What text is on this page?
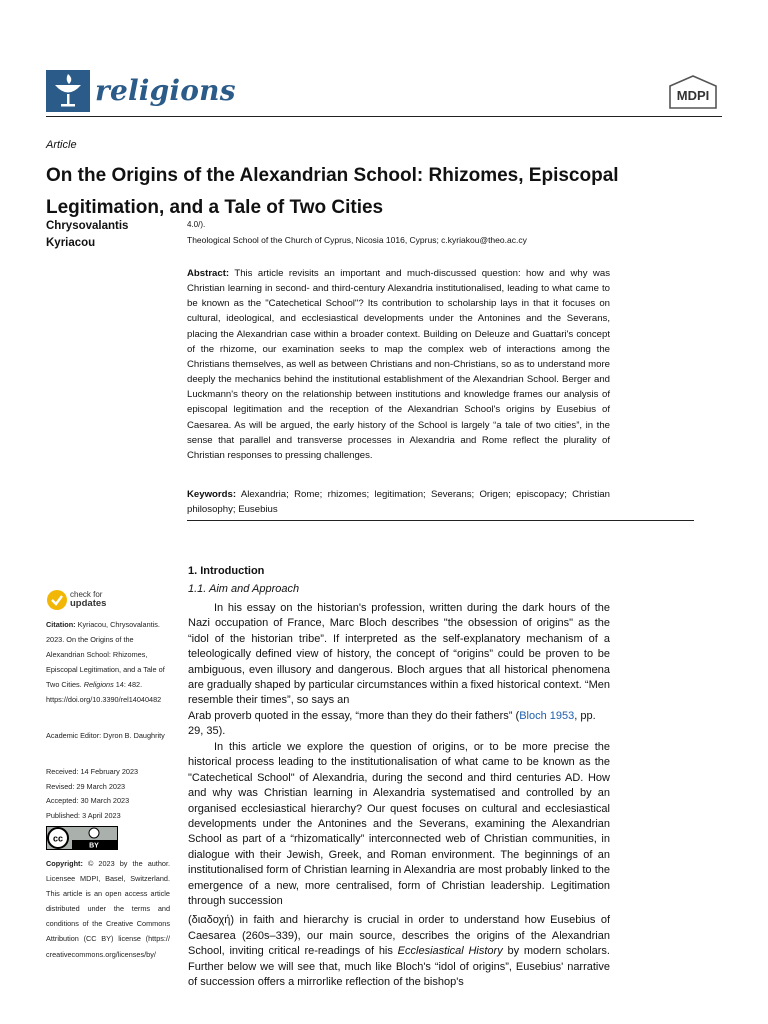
religions	MDPI
Article
On the Origins of the Alexandrian School: Rhizomes, Episcopal Legitimation, and a Tale of Two Cities
Chrysovalantis
Kyriacou
4.0/).
Theological School of the Church of Cyprus, Nicosia 1016, Cyprus; c.kyriakou@theo.ac.cy

Abstract: This article revisits an important and much-discussed question: how and why was Christian learning in second- and third-century Alexandria institutionalised, leading to what came to be known as the "Catechetical School"? Its contribution to scholarship lays in that it focuses on cultural, ideological, and ecclesiastical developments under the Antonines and the Severans, placing the Alexandrian case within a broader context. Building on Deleuze and Guattari's concept of the rhizome, our examination seeks to map the complex web of interactions among the Christians themselves, as well as between Christians and non-Christians, so as to understand more deeply the mechanics behind the institutional establishment of the Alexandrian School. Berger and Luckmann's theory on the relationship between institutions and knowledge frames our analysis of episcopal legitimation and the reception of the Alexandrian School's origins by Eusebius of Caesarea. As will be argued, the early history of the School is largely “a tale of two cities”, in the sense that parallel and transverse processes in Alexandria and Rome reflect the plurality of Christian responses to pressing challenges.

Keywords: Alexandria; Rome; rhizomes; legitimation; Severans; Origen; episcopacy; Christian philosophy; Eusebius

check for
updates
Citation: Kyriacou, Chrysovalantis. 2023. On the Origins of the Alexandrian School: Rhizomes, Episcopal Legitimation, and a Tale of Two Cities. Religions 14: 482. https://doi.org/10.3390/rel14040482
Academic Editor: Dyron B. Daughrity
Received: 14 February 2023
Revised: 29 March 2023
Accepted: 30 March 2023
Published: 3 April 2023
cc
BY
Copyright: © 2023 by the author. Licensee MDPI, Basel, Switzerland. This article is an open access article distributed under the terms and conditions of the Creative Commons Attribution (CC BY) license (https:// creativecommons.org/licenses/by/
1. Introduction
1.1. Aim and Approach
In his essay on the historian's profession, written during the dark hours of the Nazi occupation of France, Marc Bloch describes "the obsession of origins" as the “idol of the historian tribe”. If interpreted as the self-explanatory mechanism of a teleologically defined view of history, the concept of “origins” could be proven to be ambiguous, even illusory and dangerous. Bloch argues that all historical phenomena are gradually shaped by particular circumstances within a fixed historical context. “Men resemble their times”, so says an
Arab proverb quoted in the essay, “more than they do their fathers” (Bloch 1953, pp. 29, 35).
In this article we explore the question of origins, or to be more precise the historical process leading to the institutionalisation of what came to be known as the "Catechetical School" of Alexandria, during the second and third centuries AD. How and why was Christian learning in Alexandria systematised and controlled by an organised ecclesiastical hierarchy? Our quest focuses on cultural and ecclesiastical developments under the Antonines and the Severans, examining the Alexandrian School as part of a “rhizomatically” interconnected web of Christian communities, in dialogue with their Jewish, Greek, and Roman environment. The beginnings of an institutionalised form of Christian learning in Alexandria are most probably linked to the emergence of a new, more centralised, form of Christian leadership. Legitimation through succession
(διαδοχή) in faith and hierarchy is crucial in order to understand how Eusebius of Caesarea (260s–339), our main source, describes the origins of the Alexandrian School, inviting critical re-readings of his Ecclesiastical History by modern scholars. Further below we will see that, much like Bloch's “idol of origins”, Eusebius' narrative of succession offers a mirrorlike reflection of the bishop's
